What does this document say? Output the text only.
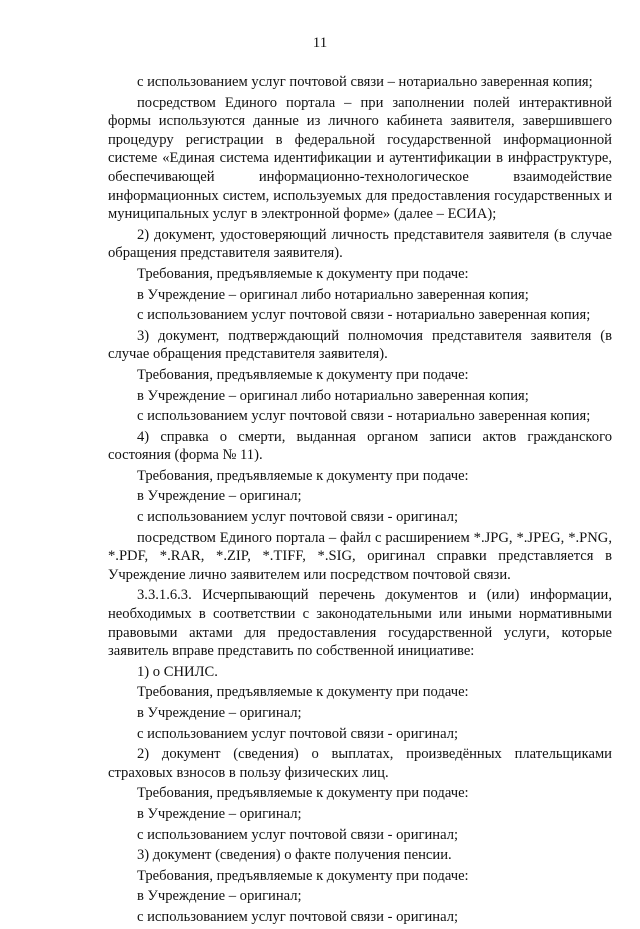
11

с использованием услуг почтовой связи – нотариально заверенная копия;

посредством Единого портала – при заполнении полей интерактивной формы используются данные из личного кабинета заявителя, завершившего процедуру регистрации в федеральной государственной информационной системе «Единая система идентификации и аутентификации в инфраструктуре, обеспечивающей информационно-технологическое взаимодействие информационных систем, используемых для предоставления государственных и муниципальных услуг в электронной форме» (далее – ЕСИА);

2) документ, удостоверяющий личность представителя заявителя (в случае обращения представителя заявителя).

Требования, предъявляемые к документу при подаче:

в Учреждение – оригинал либо нотариально заверенная копия;

с использованием услуг почтовой связи - нотариально заверенная копия;

3) документ, подтверждающий полномочия представителя заявителя (в случае обращения представителя заявителя).

Требования, предъявляемые к документу при подаче:

в Учреждение – оригинал либо нотариально заверенная копия;

с использованием услуг почтовой связи - нотариально заверенная копия;

4) справка о смерти, выданная органом записи актов гражданского состояния (форма № 11).

Требования, предъявляемые к документу при подаче:

в Учреждение – оригинал;

с использованием услуг почтовой связи - оригинал;

посредством Единого портала – файл с расширением *.JPG, *.JPEG, *.PNG, *.PDF, *.RAR, *.ZIP, *.TIFF, *.SIG, оригинал справки представляется в Учреждение лично заявителем или посредством почтовой связи.

3.3.1.6.3. Исчерпывающий перечень документов и (или) информации, необходимых в соответствии с законодательными или иными нормативными правовыми актами для предоставления государственной услуги, которые заявитель вправе представить по собственной инициативе:

1) о СНИЛС.

Требования, предъявляемые к документу при подаче:

в Учреждение – оригинал;

с использованием услуг почтовой связи - оригинал;

2) документ (сведения) о выплатах, произведённых плательщиками страховых взносов в пользу физических лиц.

Требования, предъявляемые к документу при подаче:

в Учреждение – оригинал;

с использованием услуг почтовой связи - оригинал;

3) документ (сведения) о факте получения пенсии.

Требования, предъявляемые к документу при подаче:

в Учреждение – оригинал;

с использованием услуг почтовой связи - оригинал;
